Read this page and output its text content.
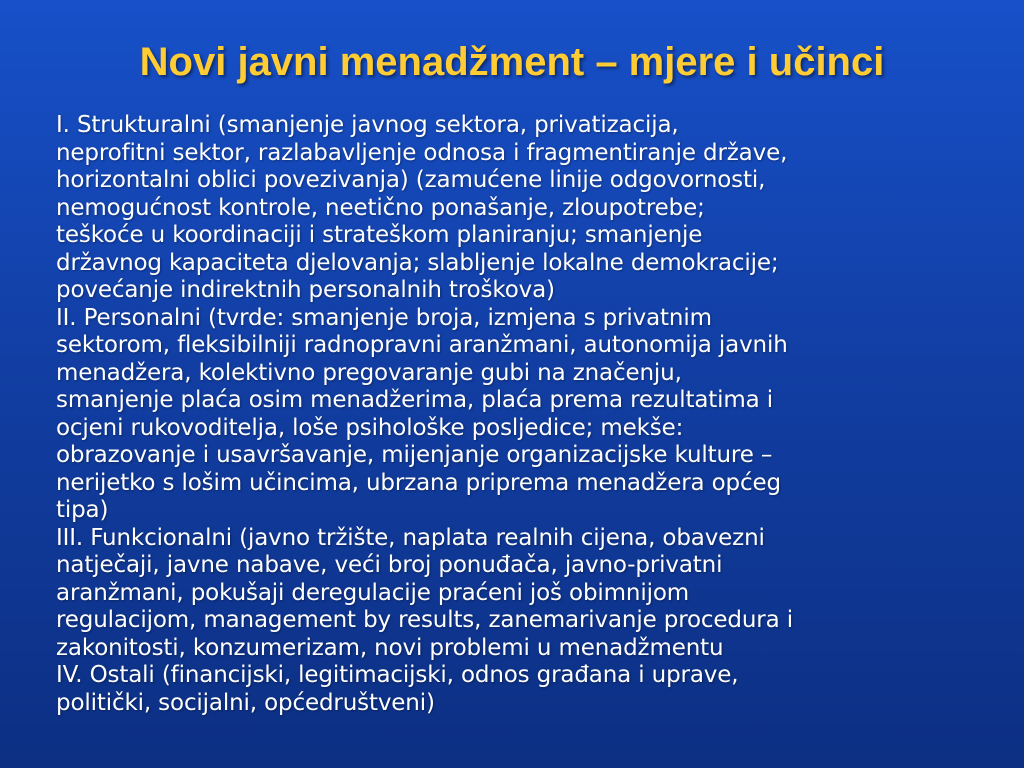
Novi javni menadžment – mjere i učinci
I. Strukturalni (smanjenje javnog sektora, privatizacija,
neprofitni sektor, razlabavljenje odnosa i fragmentiranje države,
horizontalni oblici povezivanja) (zamućene linije odgovornosti,
nemogućnost kontrole, neetično ponašanje, zloupotrebe;
teškoće u koordinaciji i strateškom planiranju; smanjenje
državnog kapaciteta djelovanja; slabljenje lokalne demokracije;
povećanje indirektnih personalnih troškova)
II. Personalni (tvrde: smanjenje broja, izmjena s privatnim
sektorom, fleksibilniji radnopravni aranžmani, autonomija javnih
menadžera, kolektivno pregovaranje gubi na značenju,
smanjenje plaća osim menadžerima, plaća prema rezultatima i
ocjeni rukovoditelja, loše psihološke posljedice; mekše:
obrazovanje i usavršavanje, mijenjanje organizacijske kulture –
nerijetko s lošim učincima, ubrzana priprema menadžera općeg
tipa)
III. Funkcionalni (javno tržište, naplata realnih cijena, obavezni
natječaji, javne nabave, veći broj ponuđača, javno-privatni
aranžmani, pokušaji deregulacije praćeni još obimnijom
regulacijom, management by results, zanemarivanje procedura i
zakonitosti, konzumerizam, novi problemi u menadžmentu
IV. Ostali (financijski, legitimacijski, odnos građana i uprave,
politički, socijalni, općedruštveni)
